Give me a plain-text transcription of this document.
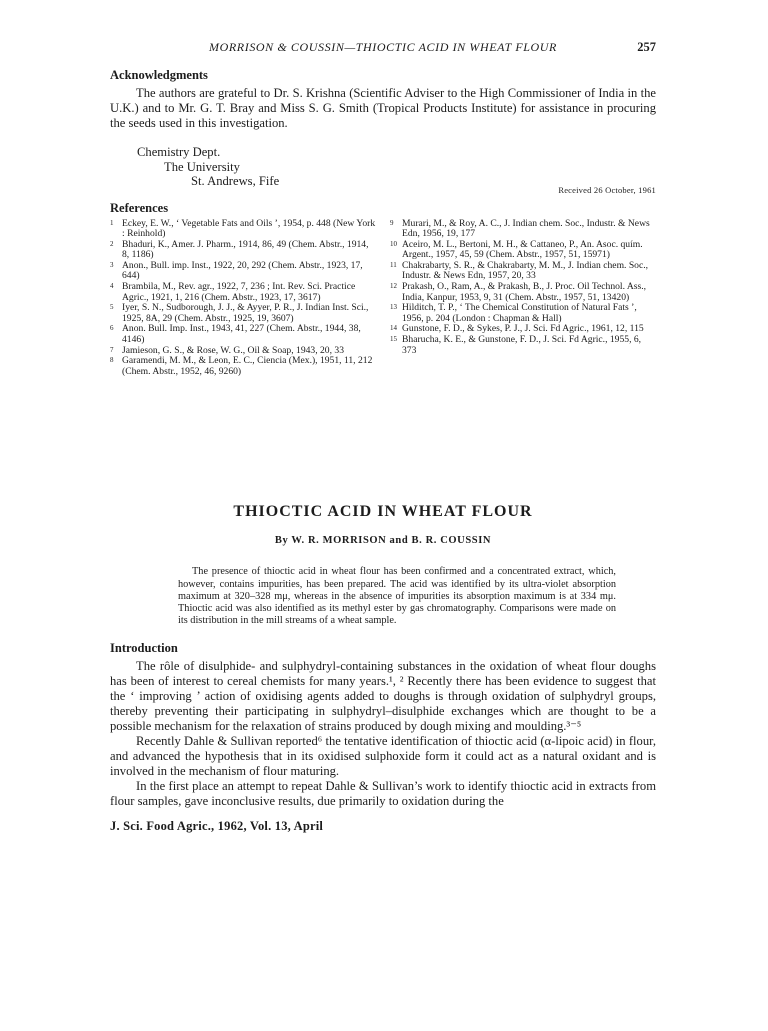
MORRISON & COUSSIN—THIOCTIC ACID IN WHEAT FLOUR	257
Acknowledgments

The authors are grateful to Dr. S. Krishna (Scientific Adviser to the High Commissioner of India in the U.K.) and to Mr. G. T. Bray and Miss S. G. Smith (Tropical Products Institute) for assistance in procuring the seeds used in this investigation.

Chemistry Dept.
The University
St. Andrews, Fife
Received 26 October, 1961
References
1 Eckey, E. W., ‘ Vegetable Fats and Oils ’, 1954, p. 448 (New York : Reinhold)
2 Bhaduri, K., Amer. J. Pharm., 1914, 86, 49 (Chem. Abstr., 1914, 8, 1186)
3 Anon., Bull. imp. Inst., 1922, 20, 292 (Chem. Abstr., 1923, 17, 644)
4 Brambila, M., Rev. agr., 1922, 7, 236 ; Int. Rev. Sci. Practice Agric., 1921, 1, 216 (Chem. Abstr., 1923, 17, 3617)
5 Iyer, S. N., Sudborough, J. J., & Ayyer, P. R., J. Indian Inst. Sci., 1925, 8A, 29 (Chem. Abstr., 1925, 19, 3607)
6 Anon. Bull. Imp. Inst., 1943, 41, 227 (Chem. Abstr., 1944, 38, 4146)
7 Jamieson, G. S., & Rose, W. G., Oil & Soap, 1943, 20, 33
8 Garamendi, M. M., & Leon, E. C., Ciencia (Mex.), 1951, 11, 212 (Chem. Abstr., 1952, 46, 9260)
9 Murari, M., & Roy, A. C., J. Indian chem. Soc., Industr. & News Edn, 1956, 19, 177
10 Aceiro, M. L., Bertoni, M. H., & Cattaneo, P., An. Asoc. quím. Argent., 1957, 45, 59 (Chem. Abstr., 1957, 51, 15971)
11 Chakrabarty, S. R., & Chakrabarty, M. M., J. Indian chem. Soc., Industr. & News Edn, 1957, 20, 33
12 Prakash, O., Ram, A., & Prakash, B., J. Proc. Oil Technol. Ass., India, Kanpur, 1953, 9, 31 (Chem. Abstr., 1957, 51, 13420)
13 Hilditch, T. P., ‘ The Chemical Constitution of Natural Fats ’, 1956, p. 204 (London : Chapman & Hall)
14 Gunstone, F. D., & Sykes, P. J., J. Sci. Fd Agric., 1961, 12, 115
15 Bharucha, K. E., & Gunstone, F. D., J. Sci. Fd Agric., 1955, 6, 373
THIOCTIC ACID IN WHEAT FLOUR
By W. R. MORRISON and B. R. COUSSIN

The presence of thioctic acid in wheat flour has been confirmed and a concentrated extract, which, however, contains impurities, has been prepared. The acid was identified by its ultra-violet absorption maximum at 320–328 mμ, whereas in the absence of impurities its absorption maximum is at 334 mμ. Thioctic acid was also identified as its methyl ester by gas chromatography. Comparisons were made on its distribution in the mill streams of a wheat sample.

Introduction

The rôle of disulphide- and sulphydryl-containing substances in the oxidation of wheat flour doughs has been of interest to cereal chemists for many years.¹, ² Recently there has been evidence to suggest that the ‘ improving ’ action of oxidising agents added to doughs is through oxidation of sulphydryl groups, thereby preventing their participating in sulphydryl–disulphide exchanges which are thought to be a possible mechanism for the relaxation of strains produced by dough mixing and moulding.³⁻⁵

Recently Dahle & Sullivan reported⁶ the tentative identification of thioctic acid (α-lipoic acid) in flour, and advanced the hypothesis that in its oxidised sulphoxide form it could act as a natural oxidant and is involved in the mechanism of flour maturing.

In the first place an attempt to repeat Dahle & Sullivan’s work to identify thioctic acid in extracts from flour samples, gave inconclusive results, due primarily to oxidation during the

J. Sci. Food Agric., 1962, Vol. 13, April
